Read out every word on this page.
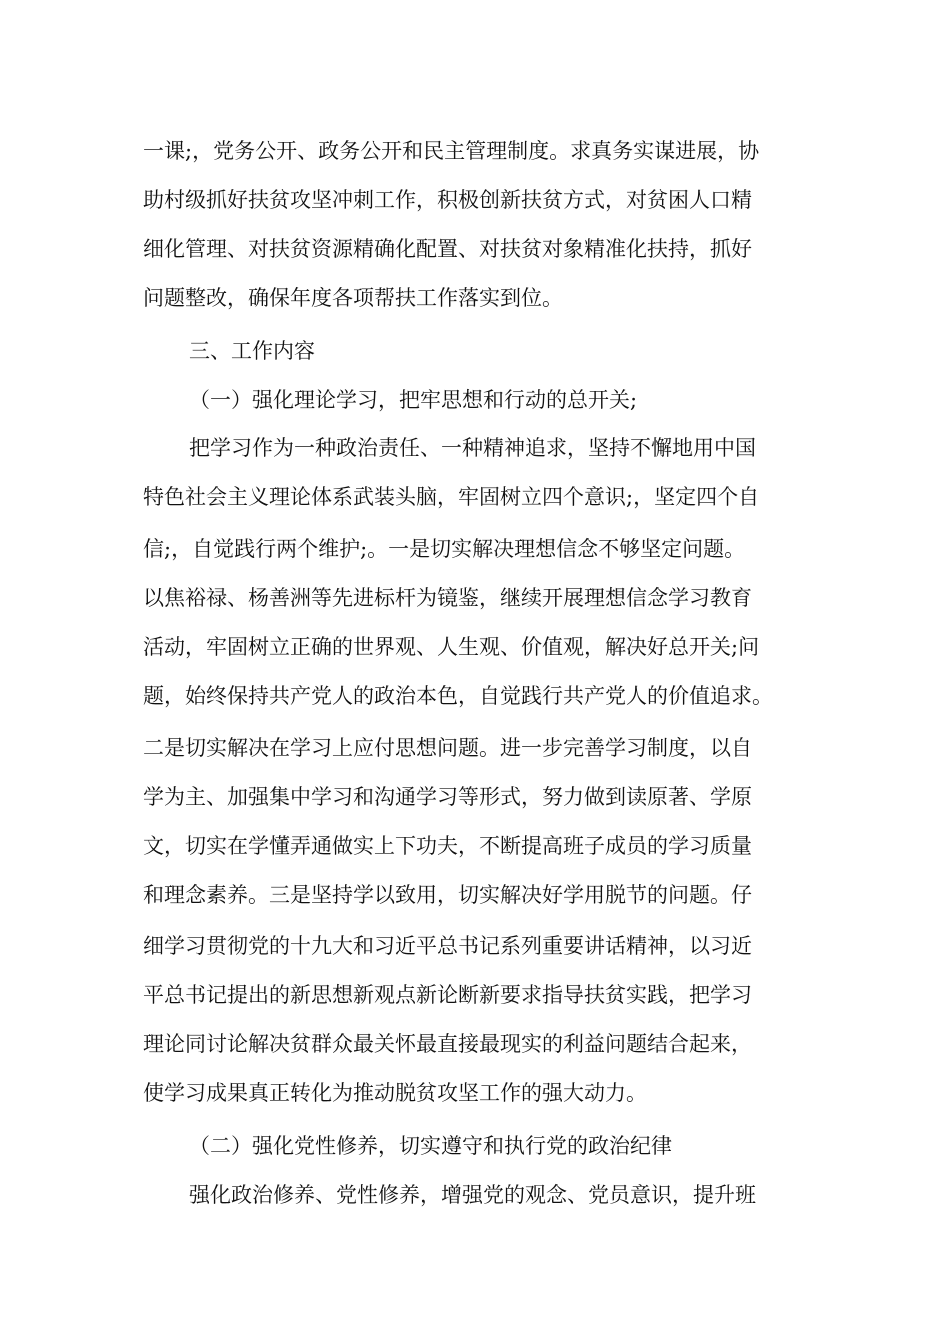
一课;，党务公开、政务公开和民主管理制度。求真务实谋进展，协

助村级抓好扶贫攻坚冲刺工作，积极创新扶贫方式，对贫困人口精

细化管理、对扶贫资源精确化配置、对扶贫对象精准化扶持，抓好

问题整改，确保年度各项帮扶工作落实到位。

三、工作内容

（一）强化理论学习，把牢思想和行动的总开关;

把学习作为一种政治责任、一种精神追求，坚持不懈地用中国

特色社会主义理论体系武装头脑，牢固树立四个意识;，坚定四个自

信;，自觉践行两个维护;。一是切实解决理想信念不够坚定问题。

以焦裕禄、杨善洲等先进标杆为镜鉴，继续开展理想信念学习教育

活动，牢固树立正确的世界观、人生观、价值观，解决好总开关;问

题，始终保持共产党人的政治本色，自觉践行共产党人的价值追求。

二是切实解决在学习上应付思想问题。进一步完善学习制度，以自

学为主、加强集中学习和沟通学习等形式，努力做到读原著、学原

文，切实在学懂弄通做实上下功夫，不断提高班子成员的学习质量

和理念素养。三是坚持学以致用，切实解决好学用脱节的问题。仔

细学习贯彻党的十九大和习近平总书记系列重要讲话精神，以习近

平总书记提出的新思想新观点新论断新要求指导扶贫实践，把学习

理论同讨论解决贫群众最关怀最直接最现实的利益问题结合起来，

使学习成果真正转化为推动脱贫攻坚工作的强大动力。

（二）强化党性修养，切实遵守和执行党的政治纪律

强化政治修养、党性修养，增强党的观念、党员意识，提升班
